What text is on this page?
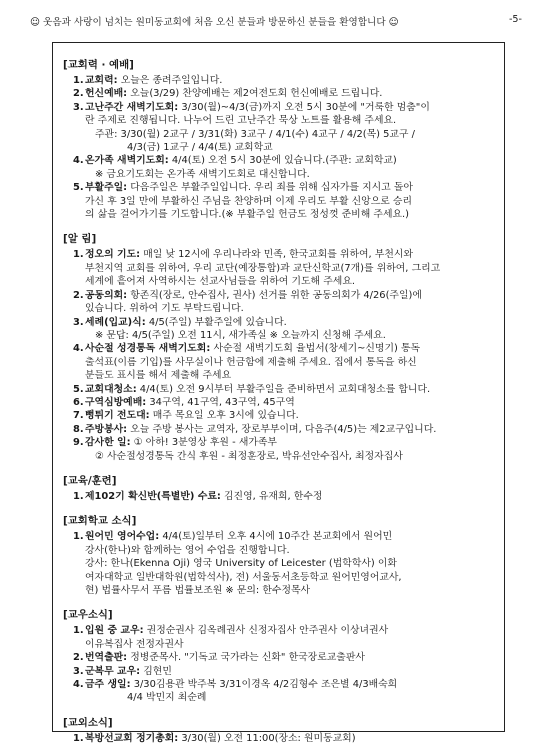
☺ 웃음과 사랑이 넘치는 원미동교회에 처음 오신 분들과 방문하신 분들을 환영합니다 ☺	-5-
[ 교회력 · 예배 ]
1. 교회력: 오늘은 종려주일입니다.
2. 헌신예배: 오늘(3/29) 찬양예배는 제2여전도회 헌신예배로 드립니다.
3. 고난주간 새벽기도회: 3/30(월)~4/3(금)까지 오전 5시 30분에 "거룩한 멈춤"이
란 주제로 진행됩니다. 나누어 드린 고난주간 묵상 노트를 활용해 주세요.
주관: 3/30(월) 2교구 / 3/31(화) 3교구 / 4/1(수) 4교구 / 4/2(목) 5교구 /
4/3(금) 1교구 / 4/4(토) 교회학교
4. 온가족 새벽기도회: 4/4(토) 오전 5시 30분에 있습니다.(주관: 교회학교)
※ 금요기도회는 온가족 새벽기도회로 대신합니다.
5. 부활주일: 다음주일은 부활주일입니다. 우리 죄를 위해 십자가를 지시고 돌아
가신 후 3일 만에 부활하신 주님을 찬양하며 이제 우리도 부활 신앙으로 승리
의 삶을 걸어가기를 기도합니다.(※ 부활주일 헌금도 정성껏 준비해 주세요.)
[ 알 림 ]
1. 정오의 기도: 매일 낮 12시에 우리나라와 민족, 한국교회를 위하여, 부천시와
부천지역 교회를 위하여, 우리 교단(예장통합)과 교단신학교(7개)를 위하여, 그리고
세계에 흩어져 사역하시는 선교사님들을 위하여 기도해 주세요.
2. 공동의회: 항존직(장로, 안수집사, 권사) 선거를 위한 공동의회가 4/26(주일)에
있습니다. 위하여 기도 부탁드립니다.
3. 세례(입교)식: 4/5(주일) 부활주일에 있습니다.
※ 문답: 4/5(주일) 오전 11시, 새가족실 ※ 오늘까지 신청해 주세요.
4. 사순절 성경통독 새벽기도회: 사순절 새벽기도회 율법서(창세기~신명기) 통독
출석표(이름 기입)를 사무실이나 헌금함에 제출해 주세요. 집에서 통독을 하신
분들도 표시를 해서 제출해 주세요
5. 교회대청소: 4/4(토) 오전 9시부터 부활주일을 준비하면서 교회대청소를 합니다.
6. 구역심방예배: 34구역, 41구역, 43구역, 45구역
7. 뻥튀기 전도대: 매주 목요일 오후 3시에 있습니다.
8. 주방봉사: 오늘 주방 봉사는 교역자, 장로부부이며, 다음주(4/5)는 제2교구입니다.
9. 감사한 일: ① 아하! 3분영상 후원 - 새가족부
② 사순절성경통독 간식 후원 - 최정훈장로, 박유선안수집사, 최정자집사
[ 교육/훈련 ]
1. 제102기 확신반(특별반) 수료: 김진영, 유재희, 한수정
[ 교회학교 소식 ]
1. 원어민 영어수업: 4/4(토)일부터 오후 4시에 10주간 본교회에서 원어민
강사(한나)와 함께하는 영어 수업을 진행합니다.
강사: 한나(Ekenna Oji) 영국 University of Leicester (법학학사) 이화
여자대학교 일반대학원(법학석사), 전) 서울동서초등학교 원어민영어교사,
현) 법률사무서 푸름 법률보조원 ※ 문의: 한수정목사
[ 교우소식 ]
1. 입원 중 교우: 권정순권사 김옥례권사 신정자집사 안주권사 이상녀권사
이유복집사 전정자권사
2. 번역출판: 정병준목사. "기독교 국가라는 신화" 한국장로교출판사
3. 군복무 교우: 김현민
4. 금주 생일: 3/30김용관 박주복 3/31이경옥 4/2김형수 조은별 4/3배숙희
4/4 박민지 최순례
[ 교외소식 ]
1. 복방선교회 정기총회: 3/30(월) 오전 11:00(장소: 원미동교회)
